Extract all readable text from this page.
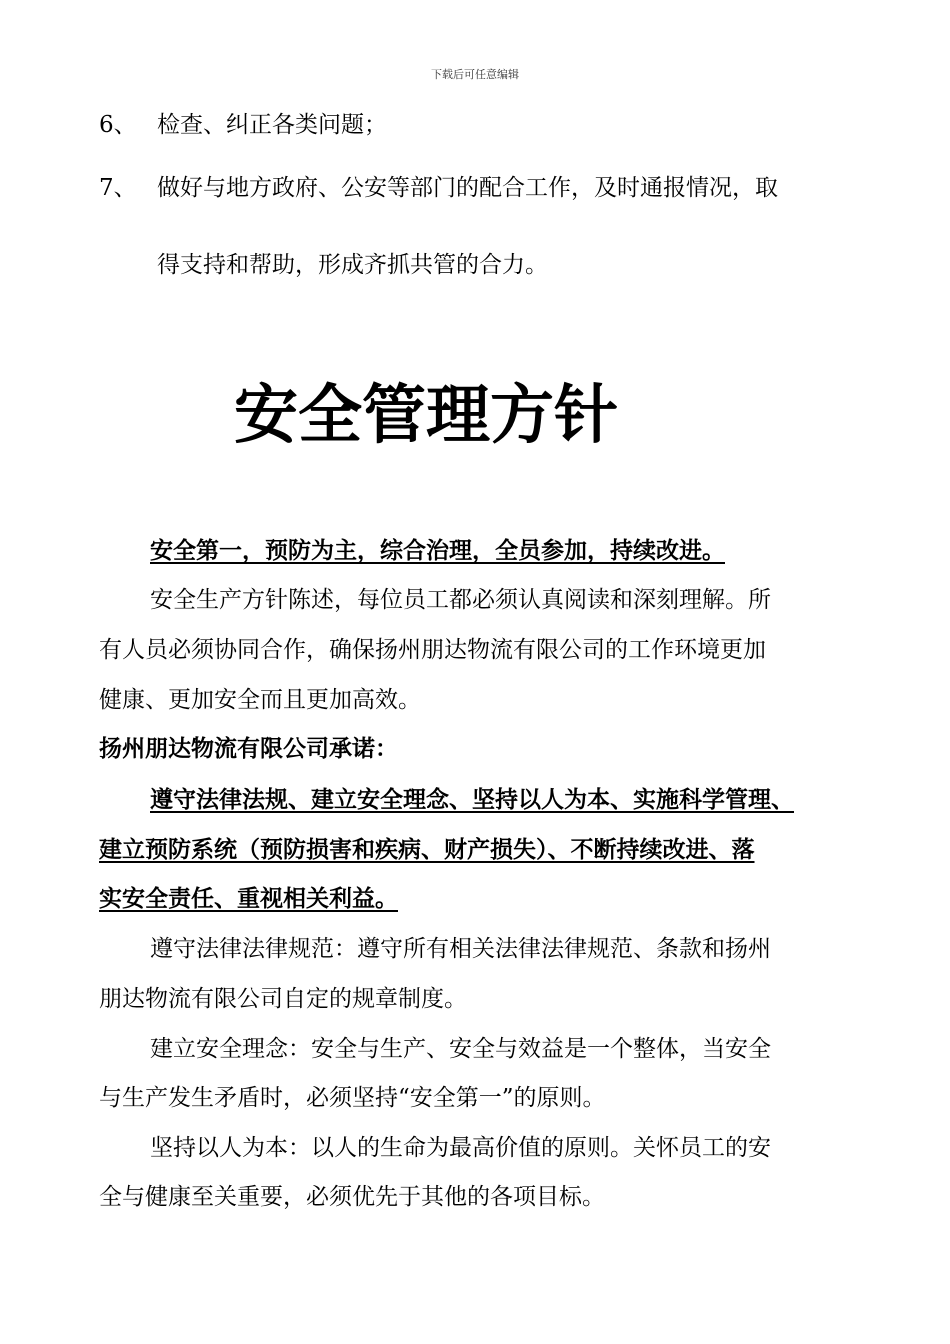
下载后可任意编辑
6、 检查、纠正各类问题；
7、 做好与地方政府、公安等部门的配合工作，及时通报情况，取
得支持和帮助，形成齐抓共管的合力。
安全管理方针
安全第一，预防为主，综合治理，全员参加，持续改进。
安全生产方针陈述，每位员工都必须认真阅读和深刻理解。所
有人员必须协同合作，确保扬州朋达物流有限公司的工作环境更加
健康、更加安全而且更加高效。
扬州朋达物流有限公司承诺：
遵守法律法规、建立安全理念、坚持以人为本、实施科学管理、
建立预防系统（预防损害和疾病、财产损失）、不断持续改进、落
实安全责任、重视相关利益。
遵守法律法律规范：遵守所有相关法律法律规范、条款和扬州
朋达物流有限公司自定的规章制度。
建立安全理念：安全与生产、安全与效益是一个整体，当安全
与生产发生矛盾时，必须坚持“安全第一”的原则。
坚持以人为本：以人的生命为最高价值的原则。关怀员工的安
全与健康至关重要，必须优先于其他的各项目标。
